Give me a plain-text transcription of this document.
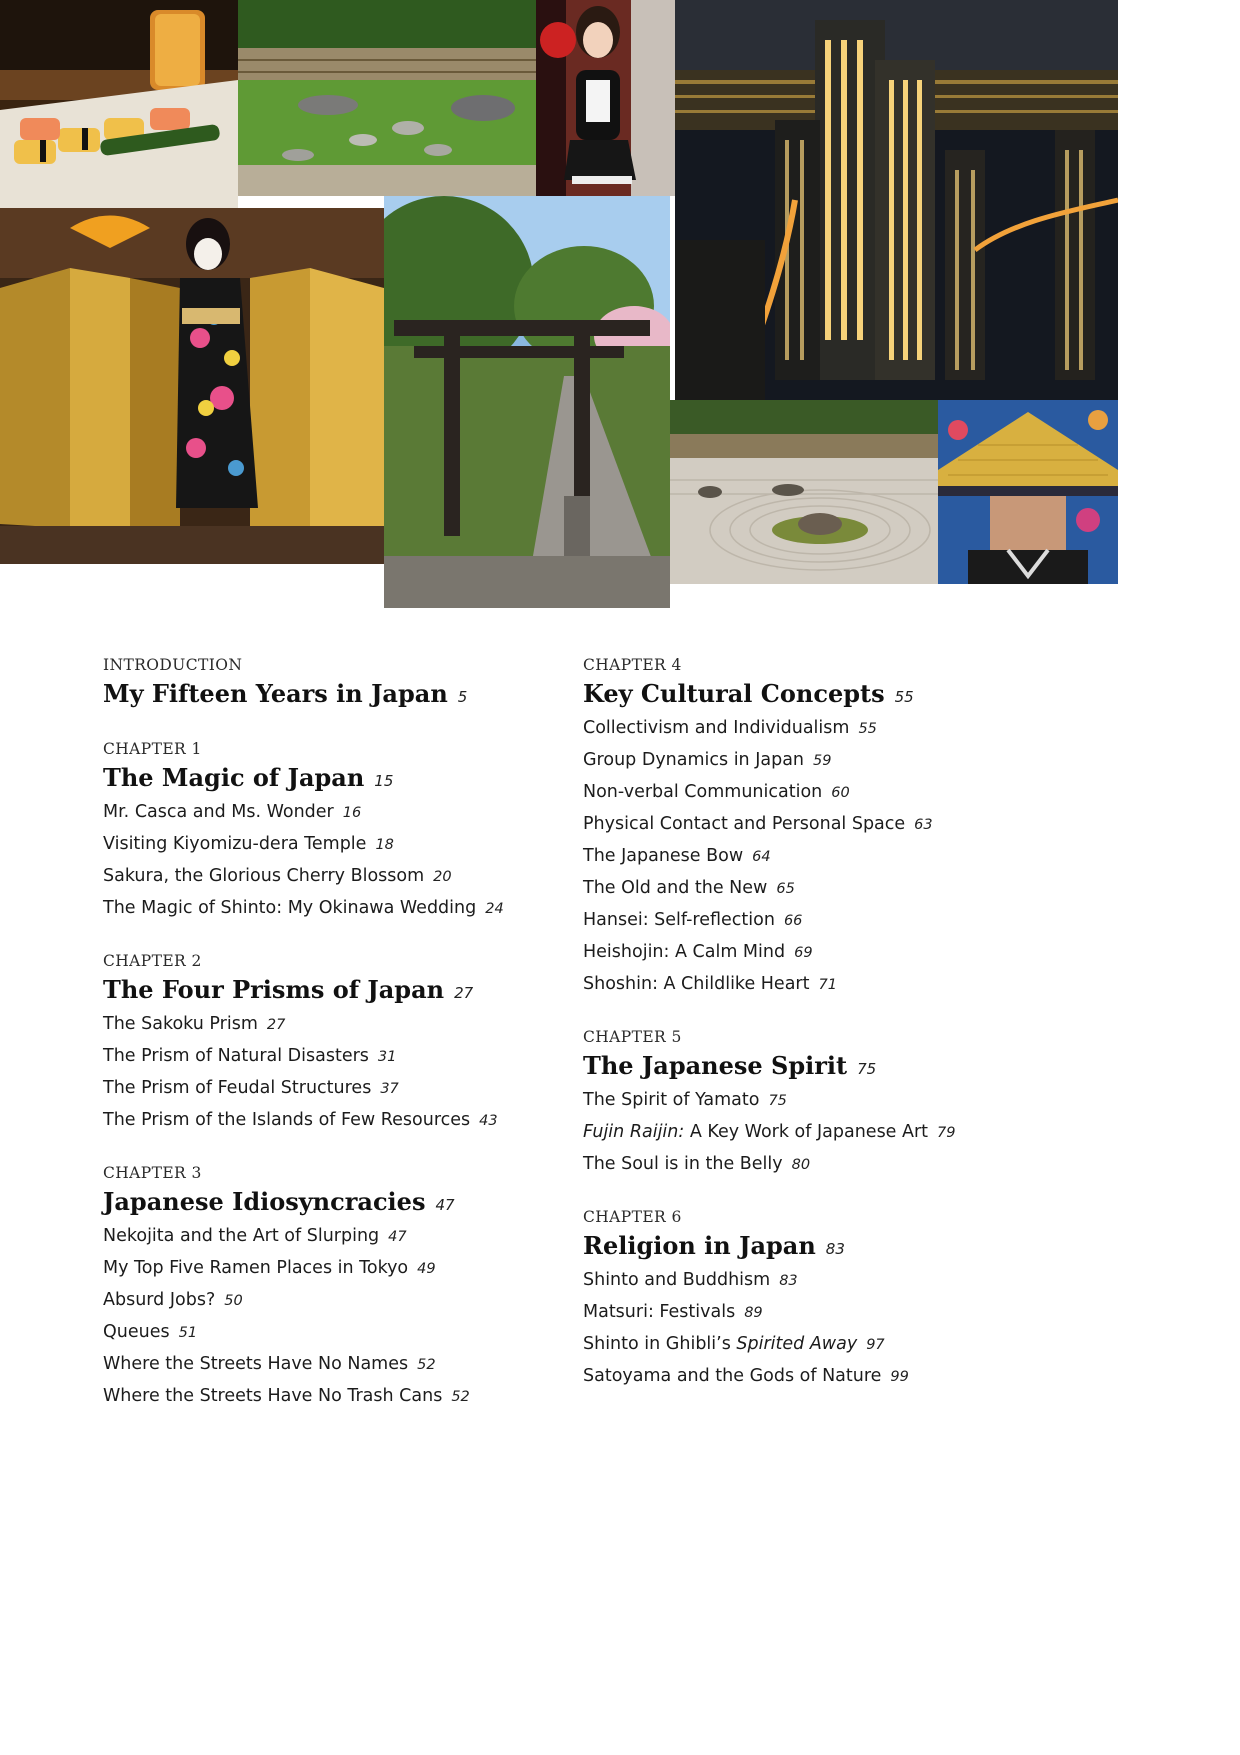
INTRODUCTION
My Fifteen Years in Japan 5
CHAPTER 1
The Magic of Japan 15
Mr. Casca and Ms. Wonder 16
Visiting Kiyomizu-dera Temple 18
Sakura, the Glorious Cherry Blossom 20
The Magic of Shinto: My Okinawa Wedding 24
CHAPTER 2
The Four Prisms of Japan 27
The Sakoku Prism 27
The Prism of Natural Disasters 31
The Prism of Feudal Structures 37
The Prism of the Islands of Few Resources 43
CHAPTER 3
Japanese Idiosyncracies 47
Nekojita and the Art of Slurping 47
My Top Five Ramen Places in Tokyo 49
Absurd Jobs? 50
Queues 51
Where the Streets Have No Names 52
Where the Streets Have No Trash Cans 52
CHAPTER 4
Key Cultural Concepts 55
Collectivism and Individualism 55
Group Dynamics in Japan 59
Non-verbal Communication 60
Physical Contact and Personal Space 63
The Japanese Bow 64
The Old and the New 65
Hansei: Self-reflection 66
Heishojin: A Calm Mind 69
Shoshin: A Childlike Heart 71
CHAPTER 5
The Japanese Spirit 75
The Spirit of Yamato 75
Fujin Raijin: A Key Work of Japanese Art 79
The Soul is in the Belly 80
CHAPTER 6
Religion in Japan 83
Shinto and Buddhism 83
Matsuri: Festivals 89
Shinto in Ghibli’s Spirited Away 97
Satoyama and the Gods of Nature 99
